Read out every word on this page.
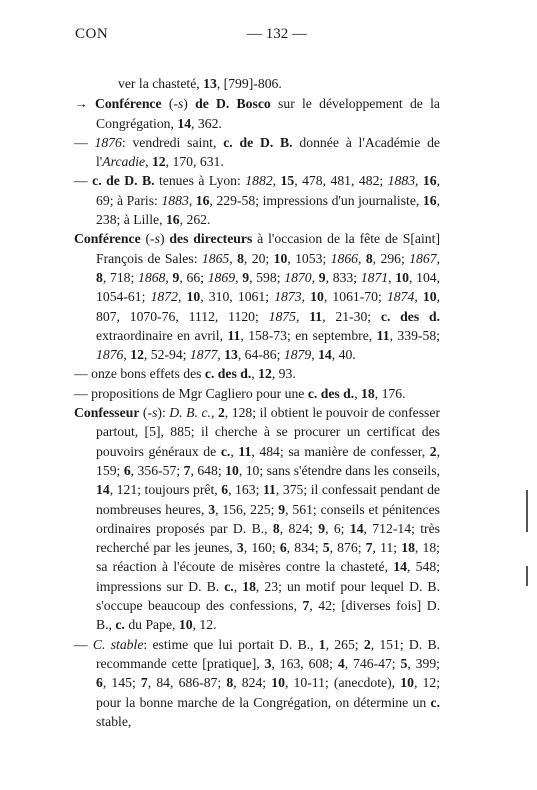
CON	— 132 —
ver la chasteté, 13, [799]-806.
→ Conférence (-s) de D. Bosco sur le développement de la Congrégation, 14, 362.
— 1876: vendredi saint, c. de D. B. donnée à l'Académie de l'Arcadie, 12, 170, 631.
— c. de D. B. tenues à Lyon: 1882, 15, 478, 481, 482; 1883, 16, 69; à Paris: 1883, 16, 229-58; impressions d'un journaliste, 16, 238; à Lille, 16, 262.
Conférence (-s) des directeurs à l'occasion de la fête de S[aint] François de Sales: 1865, 8, 20; 10, 1053; 1866, 8, 296; 1867, 8, 718; 1868, 9, 66; 1869, 9, 598; 1870, 9, 833; 1871, 10, 104, 1054-61; 1872, 10, 310, 1061; 1873, 10, 1061-70; 1874, 10, 807, 1070-76, 1112, 1120; 1875, 11, 21-30; c. des d. extraordinaire en avril, 11, 158-73; en septembre, 11, 339-58; 1876, 12, 52-94; 1877, 13, 64-86; 1879, 14, 40.
— onze bons effets des c. des d., 12, 93.
— propositions de Mgr Cagliero pour une c. des d., 18, 176.
Confesseur (-s): D. B. c., 2, 128; il obtient le pouvoir de confesser partout, [5], 885; il cherche à se procurer un certificat des pouvoirs généraux de c., 11, 484; sa manière de confesser, 2, 159; 6, 356-57; 7, 648; 10, 10; sans s'étendre dans les conseils, 14, 121; toujours prêt, 6, 163; 11, 375; il confessait pendant de nombreuses heures, 3, 156, 225; 9, 561; conseils et pénitences ordinaires proposés par D. B., 8, 824; 9, 6; 14, 712-14; très recherché par les jeunes, 3, 160; 6, 834; 5, 876; 7, 11; 18, 18; sa réaction à l'écoute de misères contre la chasteté, 14, 548; impressions sur D. B. c., 18, 23; un motif pour lequel D. B. s'occupe beaucoup des confessions, 7, 42; [diverses fois] D. B., c. du Pape, 10, 12.
— C. stable: estime que lui portait D. B., 1, 265; 2, 151; D. B. recommande cette [pratique], 3, 163, 608; 4, 746-47; 5, 399; 6, 145; 7, 84, 686-87; 8, 824; 10, 10-11; (anecdote), 10, 12; pour la bonne marche de la Congrégation, on détermine un c. stable,
